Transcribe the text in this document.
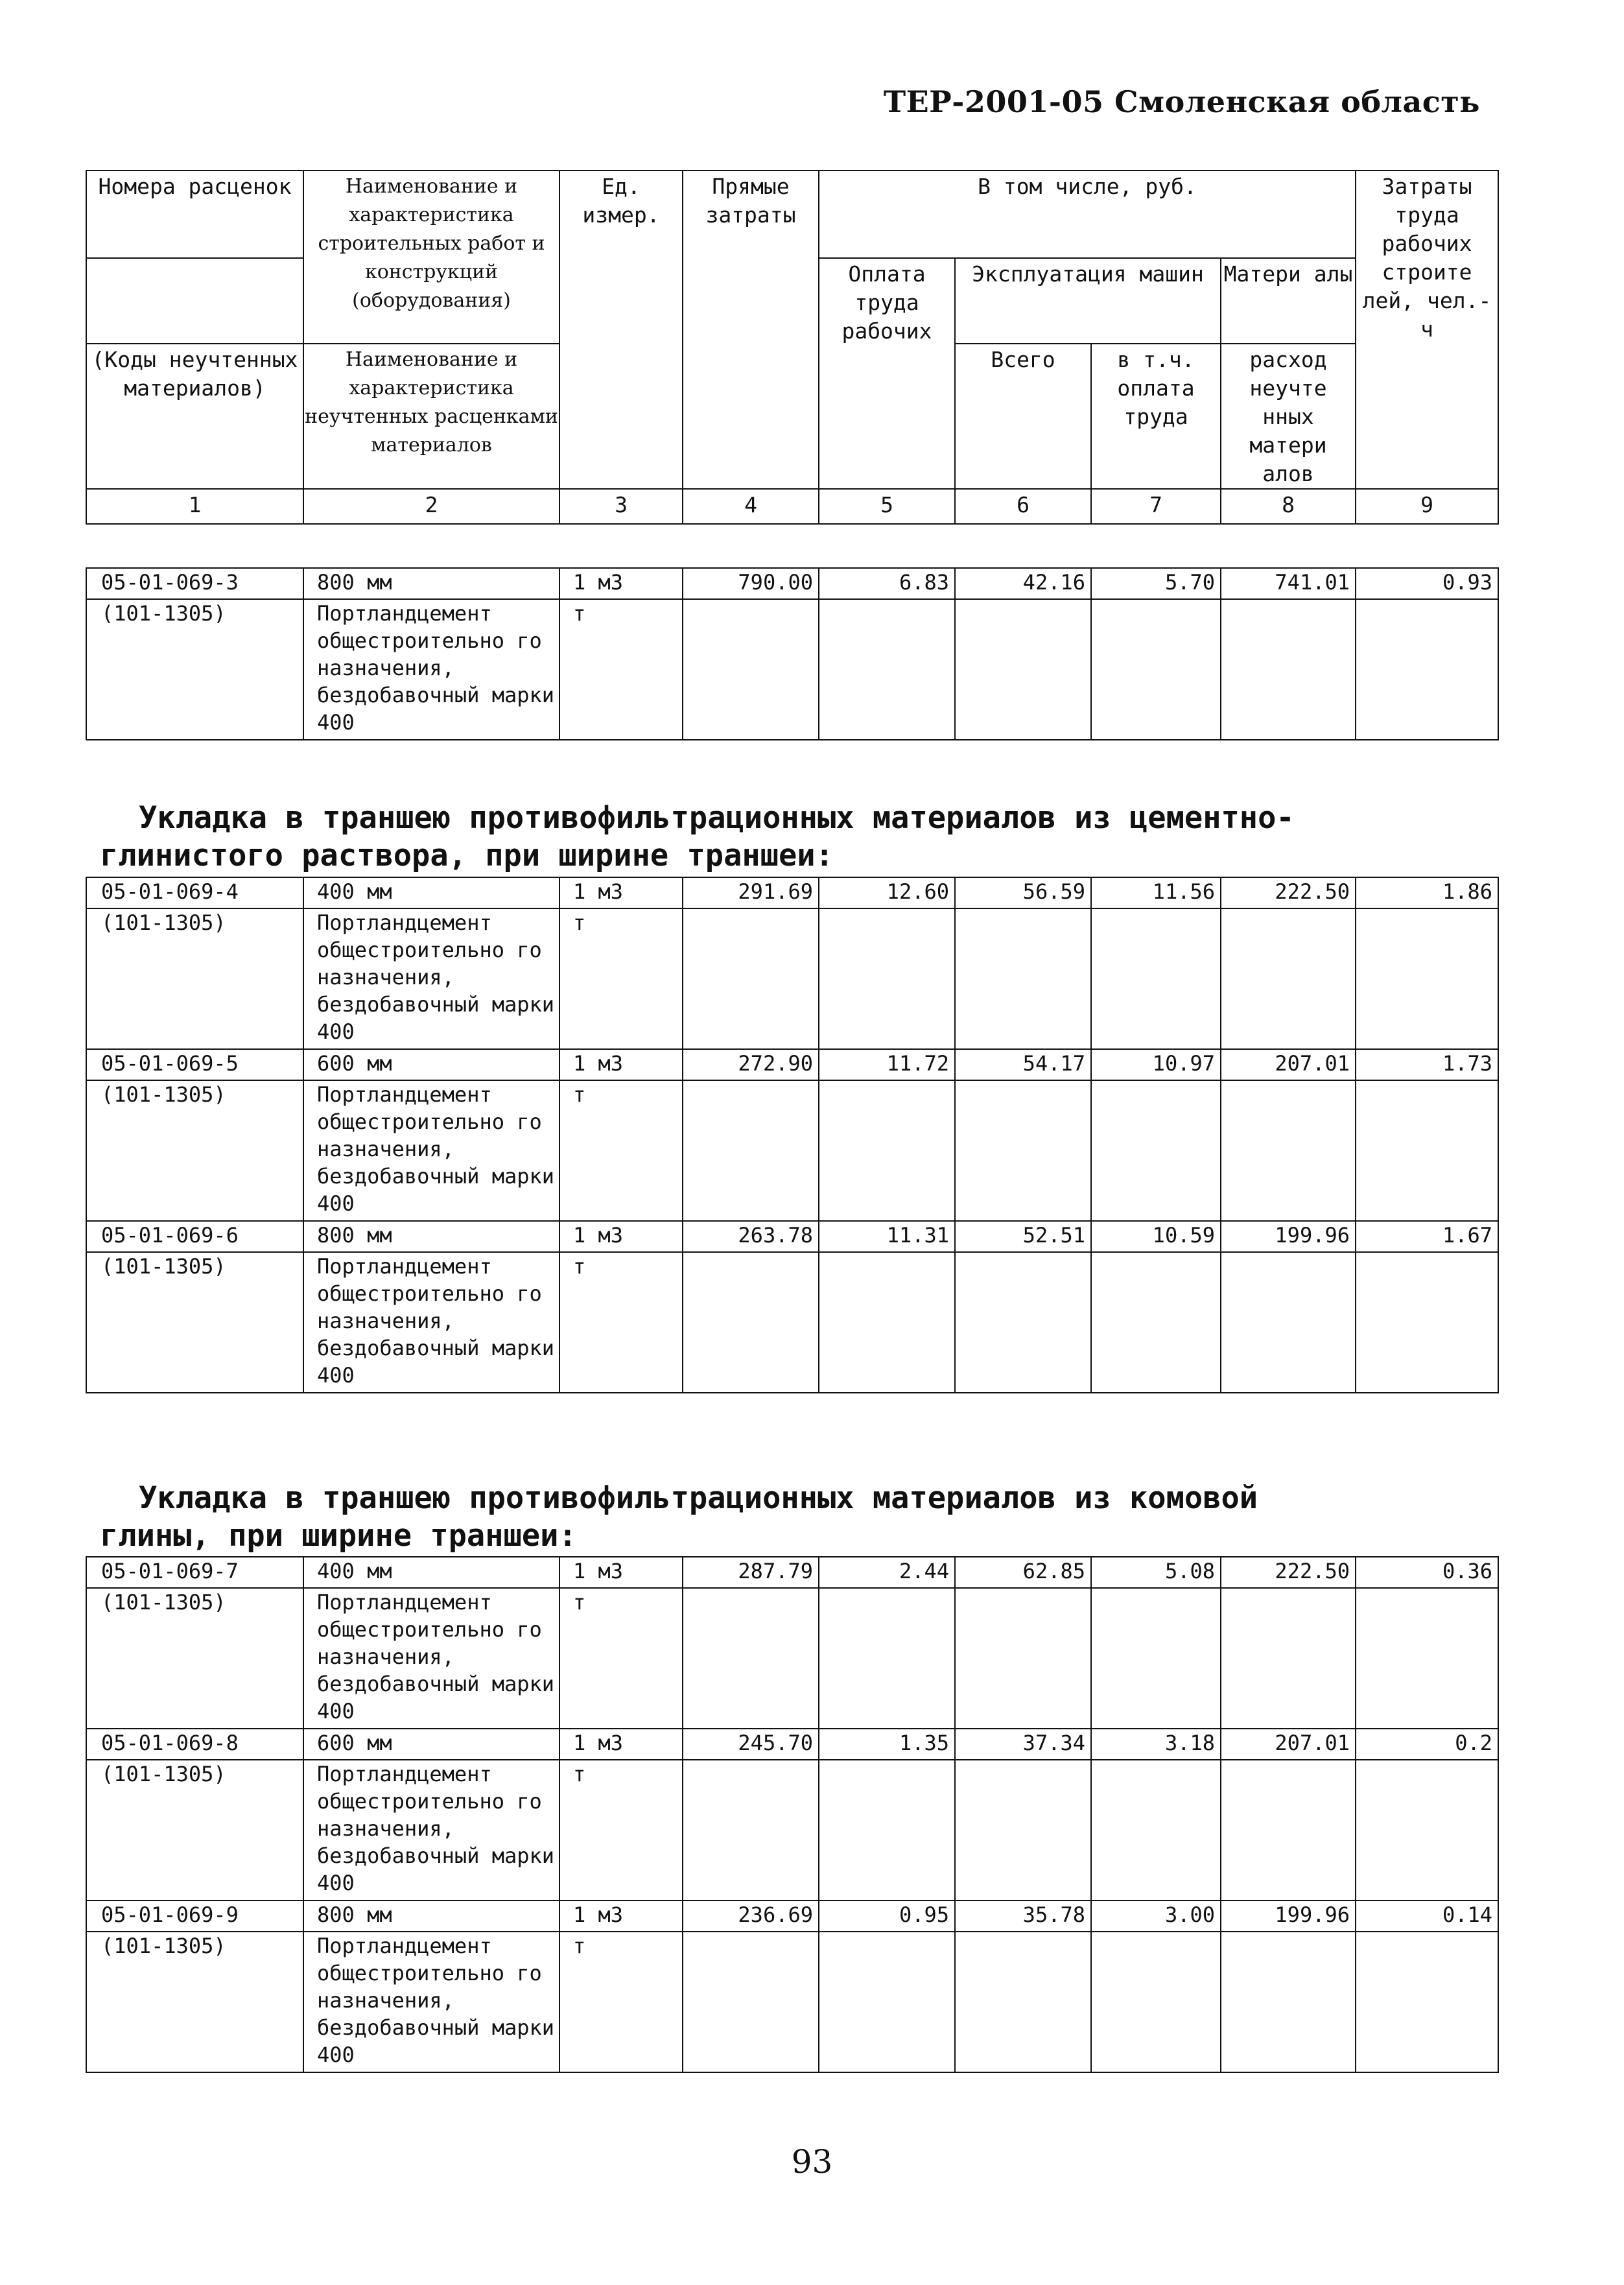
ТЕР-2001-05 Смоленская область
Номера расценок	Наименование и характеристика строительных работ и конструкций (оборудования)	Ед. измер.	Прямые затраты	В том числе, руб.				Затраты труда рабочих строите лей, чел.-ч
				Оплата труда рабочих	Эксплуатация машин		Матери алы	
(Коды неучтенных материалов)	Наименование и характеристика неучтенных расценками материалов				Всего	в т.ч. оплата труда	расход неучте нных матери алов	
1	2	3	4	5	6	7	8	9
05-01-069-3	800 мм	1 м3	790.00	6.83	42.16	5.70	741.01	0.93
(101-1305)	Портландцемент общестроительно го назначения, бездобавочный марки 400	т						
Укладка в траншею противофильтрационных материалов из цементно-
глинистого раствора, при ширине траншеи:
05-01-069-4	400 мм	1 м3	291.69	12.60	56.59	11.56	222.50	1.86
(101-1305)	Портландцемент общестроительно го назначения, бездобавочный марки 400	т						
05-01-069-5	600 мм	1 м3	272.90	11.72	54.17	10.97	207.01	1.73
(101-1305)	Портландцемент общестроительно го назначения, бездобавочный марки 400	т						
05-01-069-6	800 мм	1 м3	263.78	11.31	52.51	10.59	199.96	1.67
(101-1305)	Портландцемент общестроительно го назначения, бездобавочный марки 400	т						
Укладка в траншею противофильтрационных материалов из комовой
глины, при ширине траншеи:
05-01-069-7	400 мм	1 м3	287.79	2.44	62.85	5.08	222.50	0.36
(101-1305)	Портландцемент общестроительно го назначения, бездобавочный марки 400	т						
05-01-069-8	600 мм	1 м3	245.70	1.35	37.34	3.18	207.01	0.2
(101-1305)	Портландцемент общестроительно го назначения, бездобавочный марки 400	т						
05-01-069-9	800 мм	1 м3	236.69	0.95	35.78	3.00	199.96	0.14
(101-1305)	Портландцемент общестроительно го назначения, бездобавочный марки 400	т						
93
